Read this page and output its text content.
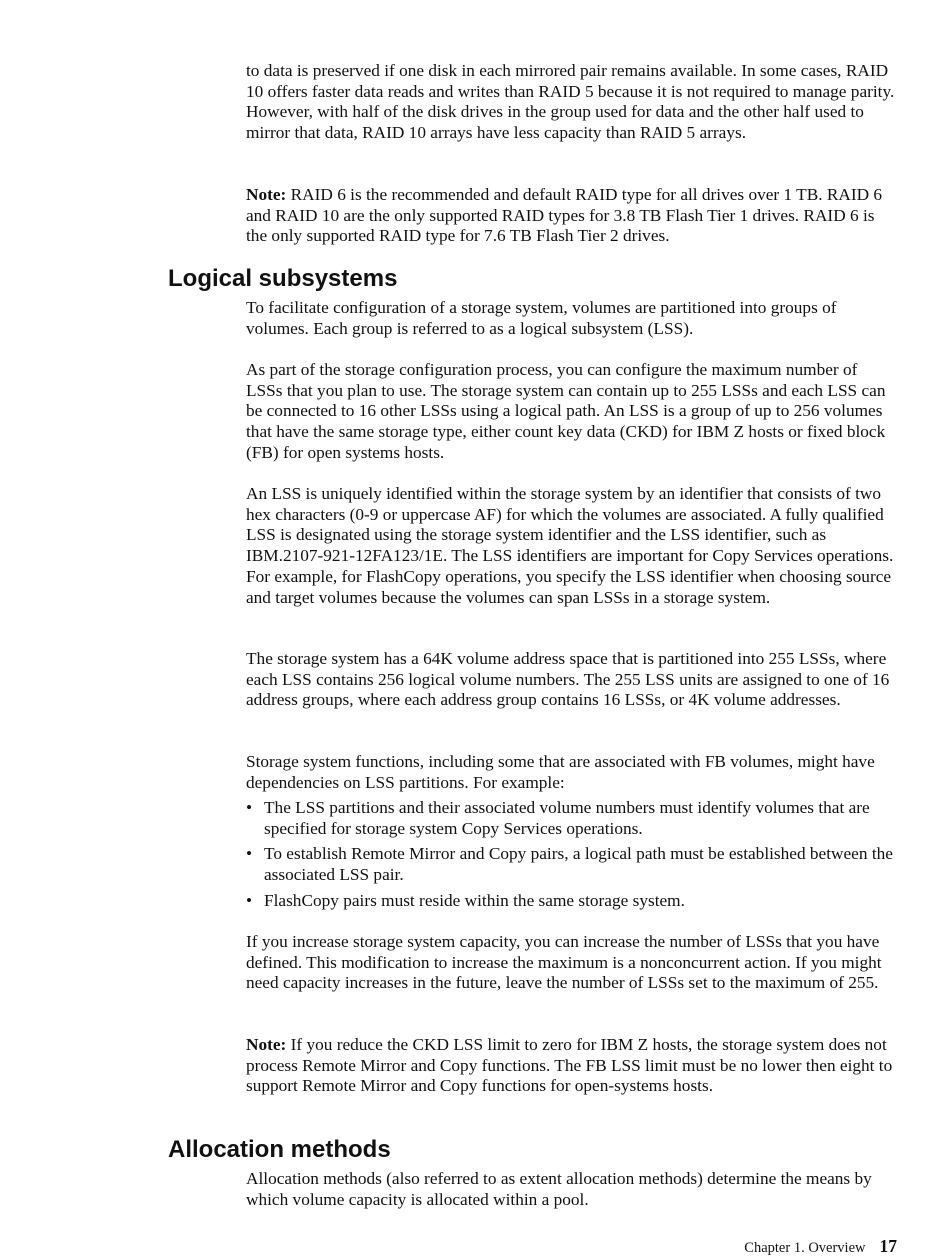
to data is preserved if one disk in each mirrored pair remains available. In some cases, RAID 10 offers faster data reads and writes than RAID 5 because it is not required to manage parity. However, with half of the disk drives in the group used for data and the other half used to mirror that data, RAID 10 arrays have less capacity than RAID 5 arrays.

Note: RAID 6 is the recommended and default RAID type for all drives over 1 TB. RAID 6 and RAID 10 are the only supported RAID types for 3.8 TB Flash Tier 1 drives. RAID 6 is the only supported RAID type for 7.6 TB Flash Tier 2 drives.

Logical subsystems

To facilitate configuration of a storage system, volumes are partitioned into groups of volumes. Each group is referred to as a logical subsystem (LSS).

As part of the storage configuration process, you can configure the maximum number of LSSs that you plan to use. The storage system can contain up to 255 LSSs and each LSS can be connected to 16 other LSSs using a logical path. An LSS is a group of up to 256 volumes that have the same storage type, either count key data (CKD) for IBM Z hosts or fixed block (FB) for open systems hosts.

An LSS is uniquely identified within the storage system by an identifier that consists of two hex characters (0-9 or uppercase AF) for which the volumes are associated. A fully qualified LSS is designated using the storage system identifier and the LSS identifier, such as IBM.2107-921-12FA123/1E. The LSS identifiers are important for Copy Services operations. For example, for FlashCopy operations, you specify the LSS identifier when choosing source and target volumes because the volumes can span LSSs in a storage system.

The storage system has a 64K volume address space that is partitioned into 255 LSSs, where each LSS contains 256 logical volume numbers. The 255 LSS units are assigned to one of 16 address groups, where each address group contains 16 LSSs, or 4K volume addresses.

Storage system functions, including some that are associated with FB volumes, might have dependencies on LSS partitions. For example:

• The LSS partitions and their associated volume numbers must identify volumes that are specified for storage system Copy Services operations.
• To establish Remote Mirror and Copy pairs, a logical path must be established between the associated LSS pair.
• FlashCopy pairs must reside within the same storage system.

If you increase storage system capacity, you can increase the number of LSSs that you have defined. This modification to increase the maximum is a nonconcurrent action. If you might need capacity increases in the future, leave the number of LSSs set to the maximum of 255.

Note: If you reduce the CKD LSS limit to zero for IBM Z hosts, the storage system does not process Remote Mirror and Copy functions. The FB LSS limit must be no lower then eight to support Remote Mirror and Copy functions for open-systems hosts.

Allocation methods

Allocation methods (also referred to as extent allocation methods) determine the means by which volume capacity is allocated within a pool.

Chapter 1. Overview 17
